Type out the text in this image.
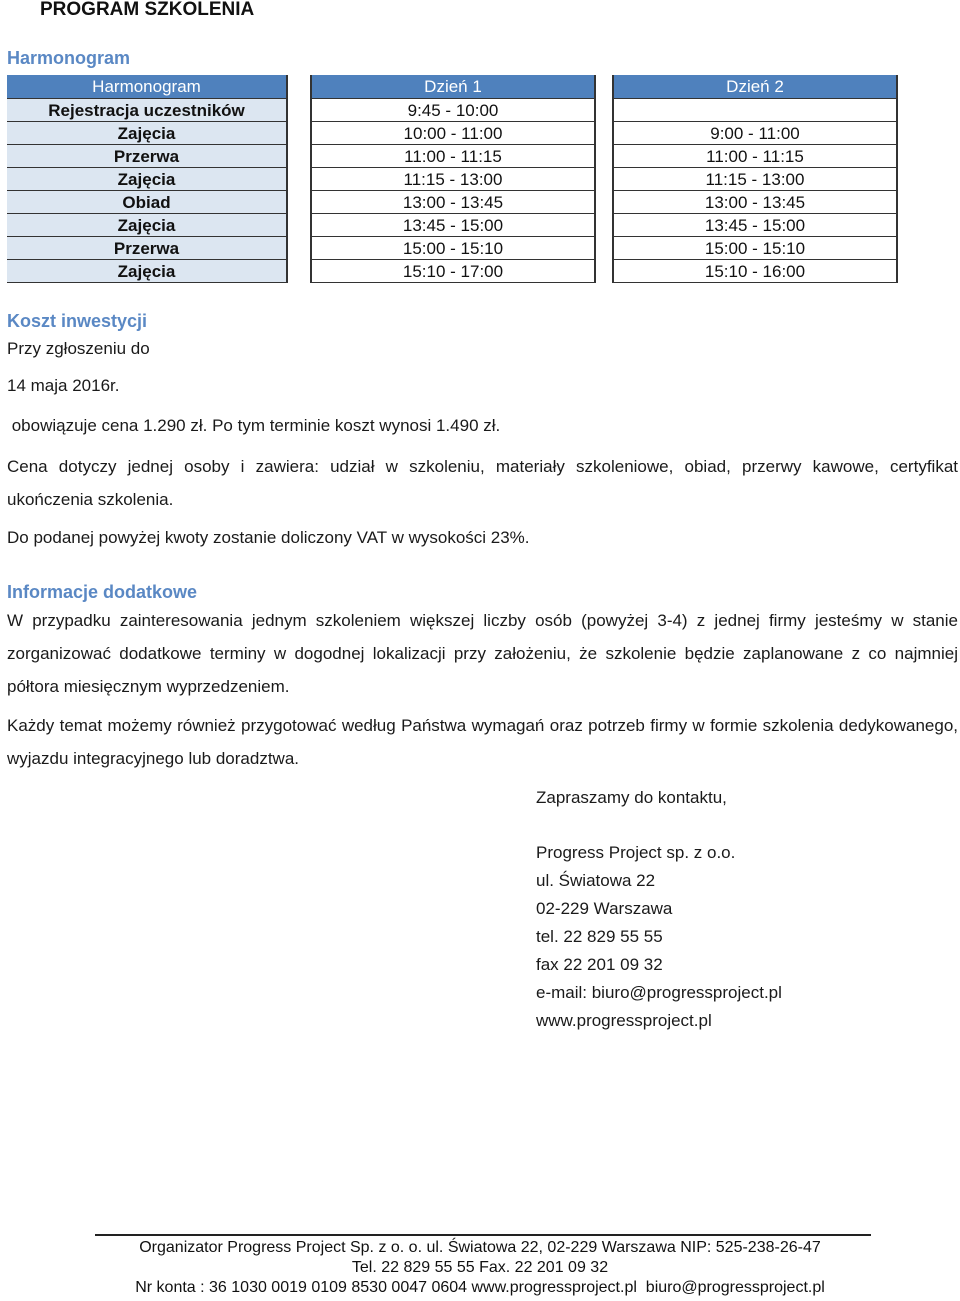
PROGRAM SZKOLENIA
Harmonogram
Harmonogram
Rejestracja uczestników
Zajęcia
Przerwa
Zajęcia
Obiad
Zajęcia
Przerwa
Zajęcia
Dzień 1
9:45 - 10:00
10:00 - 11:00
11:00 - 11:15
11:15 - 13:00
13:00 - 13:45
13:45 - 15:00
15:00 - 15:10
15:10 - 17:00
Dzień 2
9:00 - 11:00
11:00 - 11:15
11:15 - 13:00
13:00 - 13:45
13:45 - 15:00
15:00 - 15:10
15:10 - 16:00
Koszt inwestycji
Przy zgłoszeniu do
14 maja 2016r.
obowiązuje cena 1.290 zł. Po tym terminie koszt wynosi 1.490 zł.
Cena dotyczy jednej osoby i zawiera: udział w szkoleniu, materiały szkoleniowe, obiad, przerwy kawowe, certyfikat ukończenia szkolenia.
Do podanej powyżej kwoty zostanie doliczony VAT w wysokości 23%.
Informacje dodatkowe
W przypadku zainteresowania jednym szkoleniem większej liczby osób (powyżej 3-4) z jednej firmy jesteśmy w stanie zorganizować dodatkowe terminy w dogodnej lokalizacji przy założeniu, że szkolenie będzie zaplanowane z co najmniej półtora miesięcznym wyprzedzeniem.
Każdy temat możemy również przygotować według Państwa wymagań oraz potrzeb firmy w formie szkolenia dedykowanego, wyjazdu integracyjnego lub doradztwa.
Zapraszamy do kontaktu,
Progress Project sp. z o.o.
ul. Światowa 22
02-229 Warszawa
tel. 22 829 55 55
fax 22 201 09 32
e-mail: biuro@progressproject.pl
www.progressproject.pl
Organizator Progress Project Sp. z o. o. ul. Światowa 22, 02-229 Warszawa NIP: 525-238-26-47
Tel. 22 829 55 55 Fax. 22 201 09 32
Nr konta : 36 1030 0019 0109 8530 0047 0604 www.progressproject.pl  biuro@progressproject.pl
